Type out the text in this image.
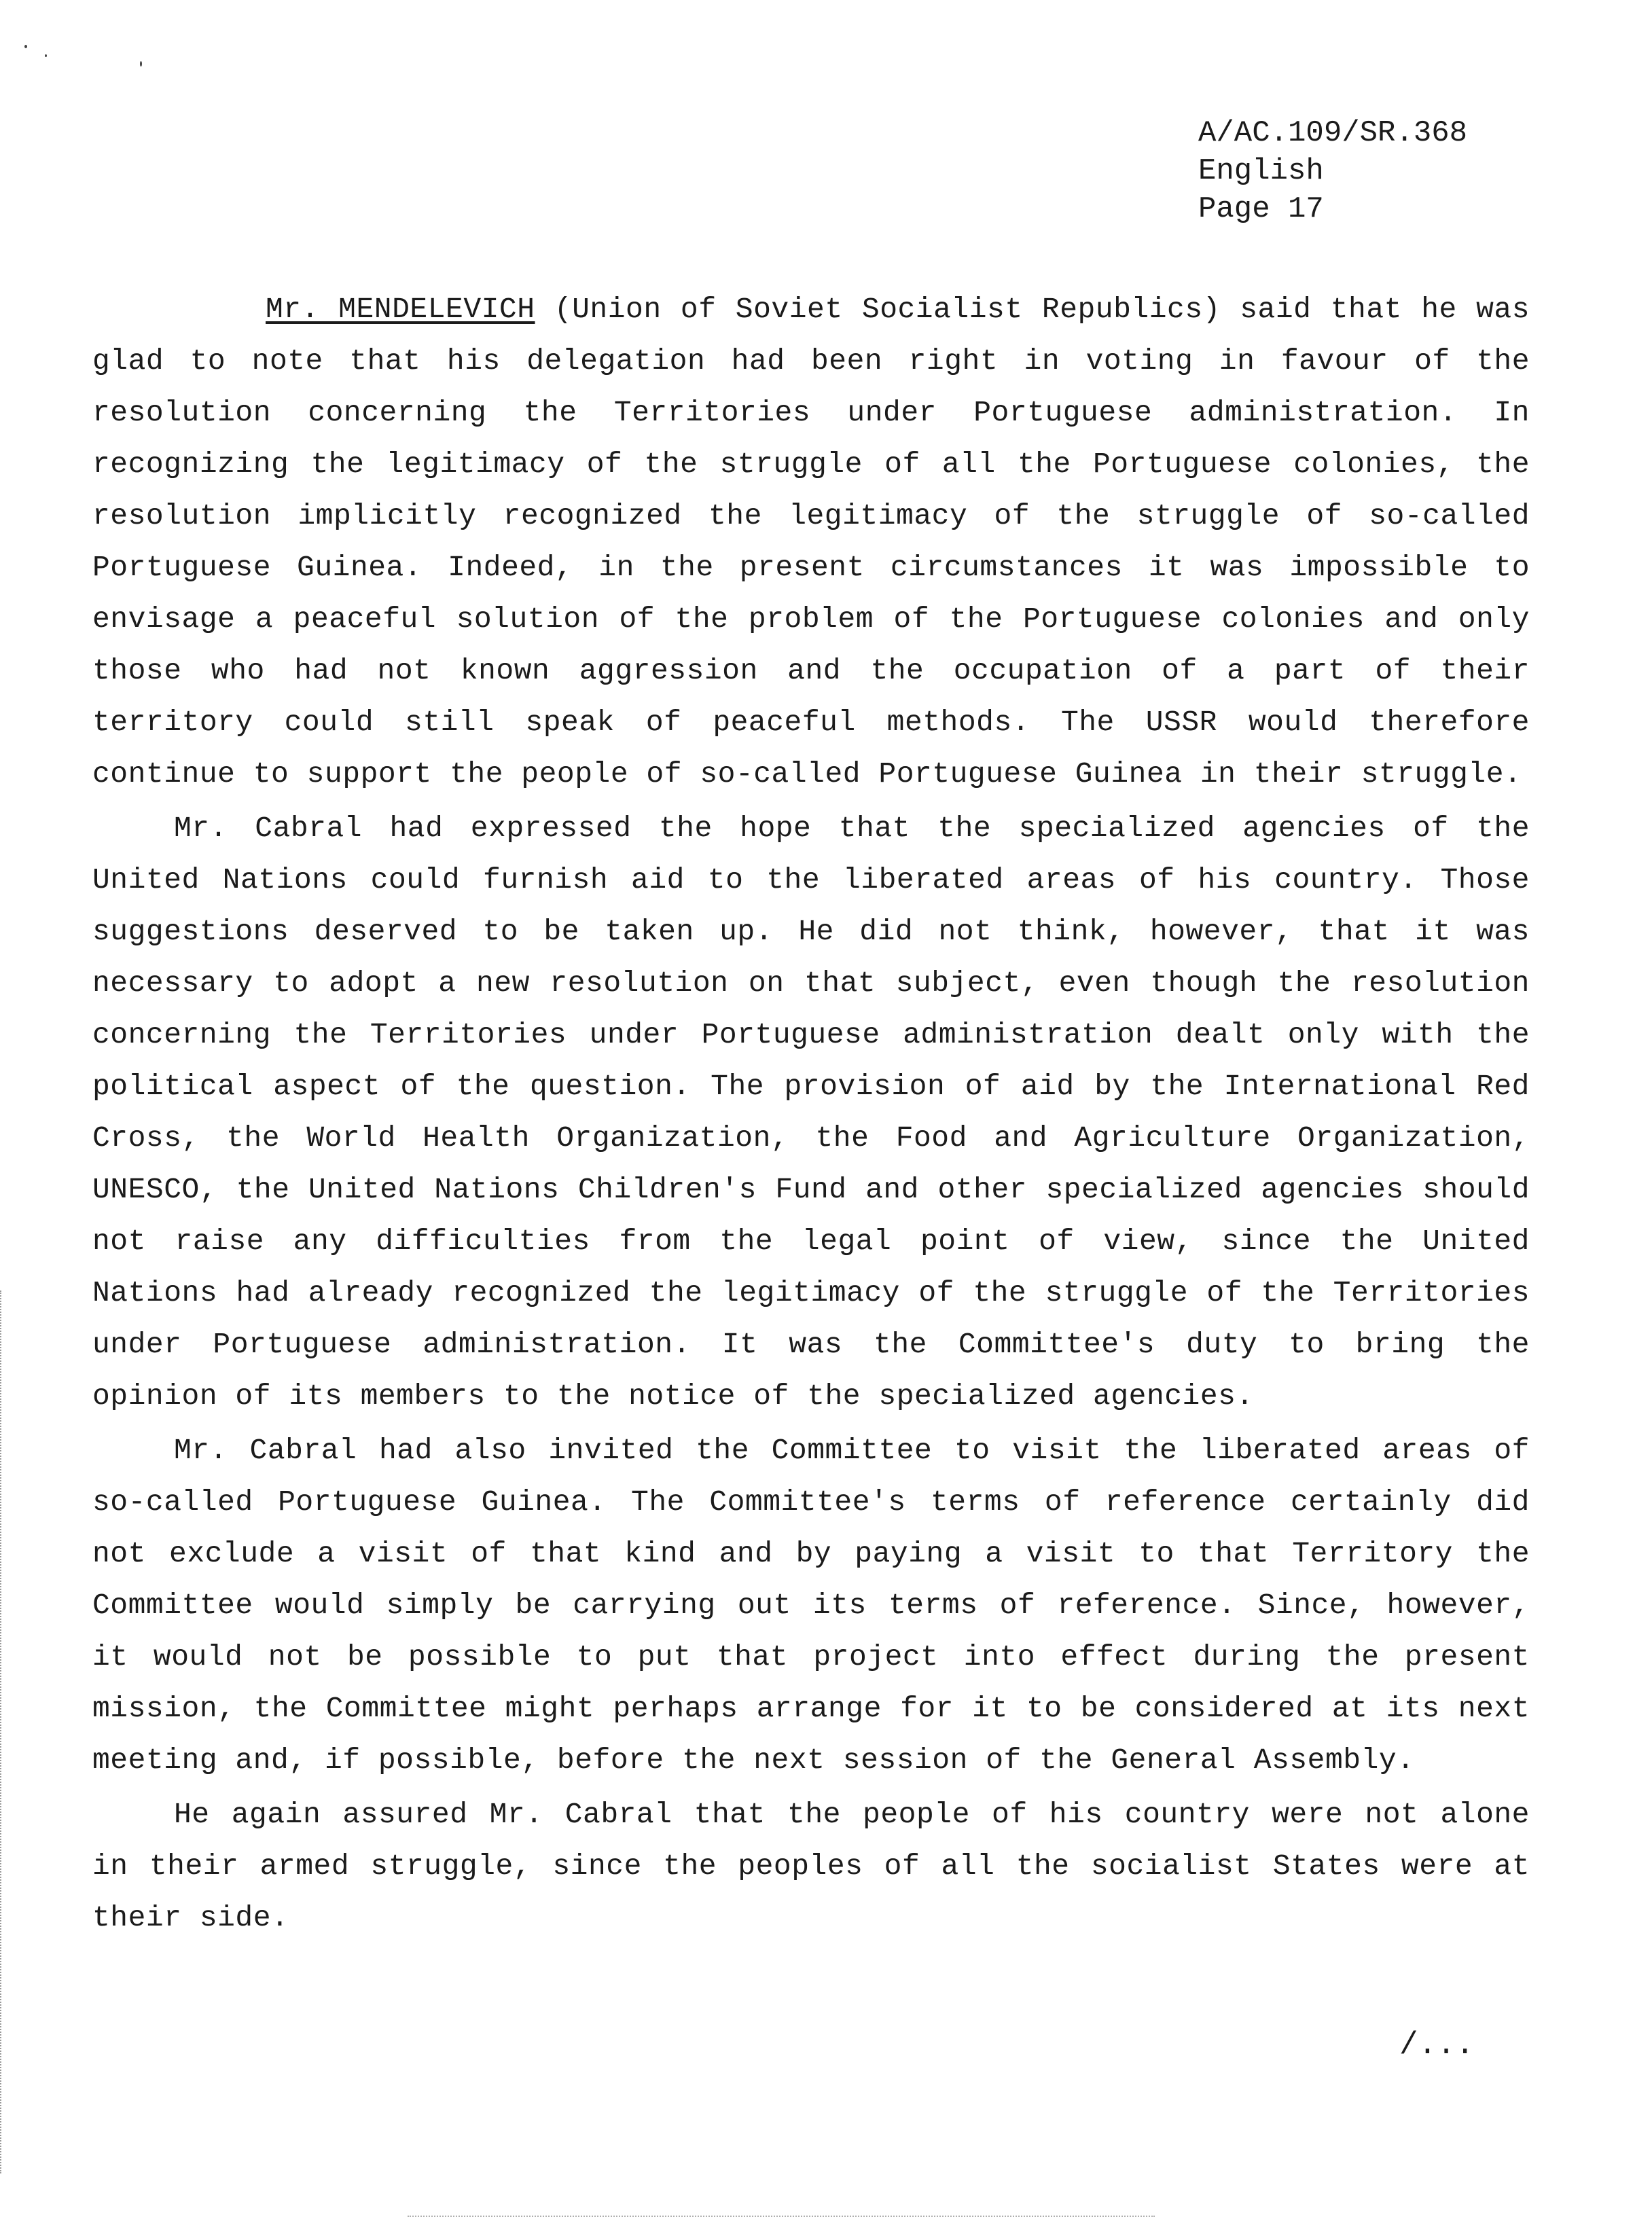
A/AC.109/SR.368
English
Page 17

Mr. MENDELEVICH (Union of Soviet Socialist Republics) said that he was glad to note that his delegation had been right in voting in favour of the resolution concerning the Territories under Portuguese administration. In recognizing the legitimacy of the struggle of all the Portuguese colonies, the resolution implicitly recognized the legitimacy of the struggle of so-called Portuguese Guinea. Indeed, in the present circumstances it was impossible to envisage a peaceful solution of the problem of the Portuguese colonies and only those who had not known aggression and the occupation of a part of their territory could still speak of peaceful methods. The USSR would therefore continue to support the people of so-called Portuguese Guinea in their struggle.

Mr. Cabral had expressed the hope that the specialized agencies of the United Nations could furnish aid to the liberated areas of his country. Those suggestions deserved to be taken up. He did not think, however, that it was necessary to adopt a new resolution on that subject, even though the resolution concerning the Territories under Portuguese administration dealt only with the political aspect of the question. The provision of aid by the International Red Cross, the World Health Organization, the Food and Agriculture Organization, UNESCO, the United Nations Children's Fund and other specialized agencies should not raise any difficulties from the legal point of view, since the United Nations had already recognized the legitimacy of the struggle of the Territories under Portuguese administration. It was the Committee's duty to bring the opinion of its members to the notice of the specialized agencies.

Mr. Cabral had also invited the Committee to visit the liberated areas of so-called Portuguese Guinea. The Committee's terms of reference certainly did not exclude a visit of that kind and by paying a visit to that Territory the Committee would simply be carrying out its terms of reference. Since, however, it would not be possible to put that project into effect during the present mission, the Committee might perhaps arrange for it to be considered at its next meeting and, if possible, before the next session of the General Assembly.

He again assured Mr. Cabral that the people of his country were not alone in their armed struggle, since the peoples of all the socialist States were at their side.

/...
